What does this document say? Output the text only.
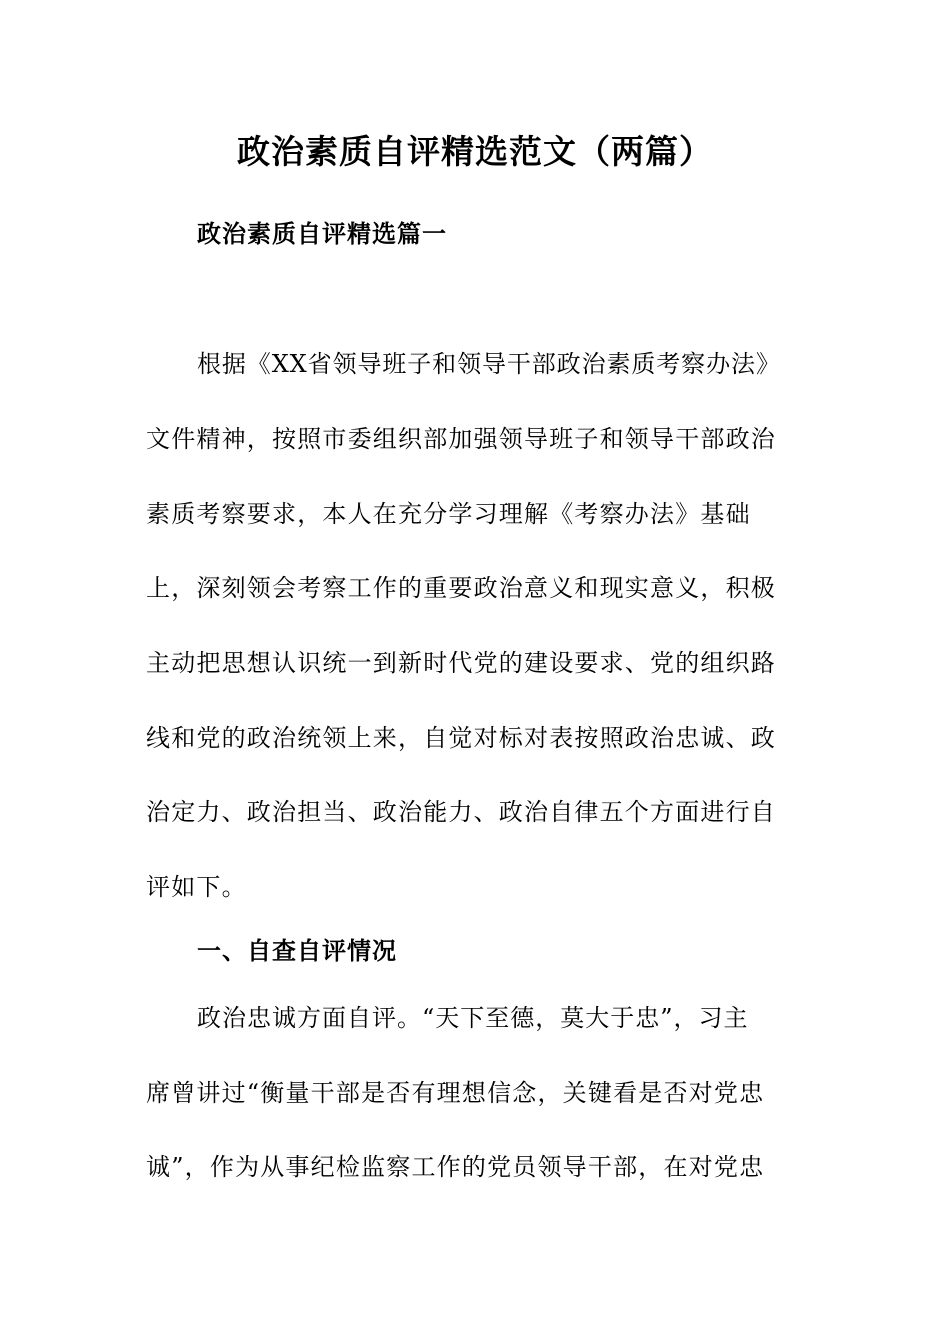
政治素质自评精选范文（两篇）
政治素质自评精选篇一
根据《XX省领导班子和领导干部政治素质考察办法》
文件精神，按照市委组织部加强领导班子和领导干部政治
素质考察要求，本人在充分学习理解《考察办法》基础
上，深刻领会考察工作的重要政治意义和现实意义，积极
主动把思想认识统一到新时代党的建设要求、党的组织路
线和党的政治统领上来，自觉对标对表按照政治忠诚、政
治定力、政治担当、政治能力、政治自律五个方面进行自
评如下。
一、自查自评情况
政治忠诚方面自评。“天下至德，莫大于忠”，习主
席曾讲过“衡量干部是否有理想信念，关键看是否对党忠
诚”，作为从事纪检监察工作的党员领导干部，在对党忠
